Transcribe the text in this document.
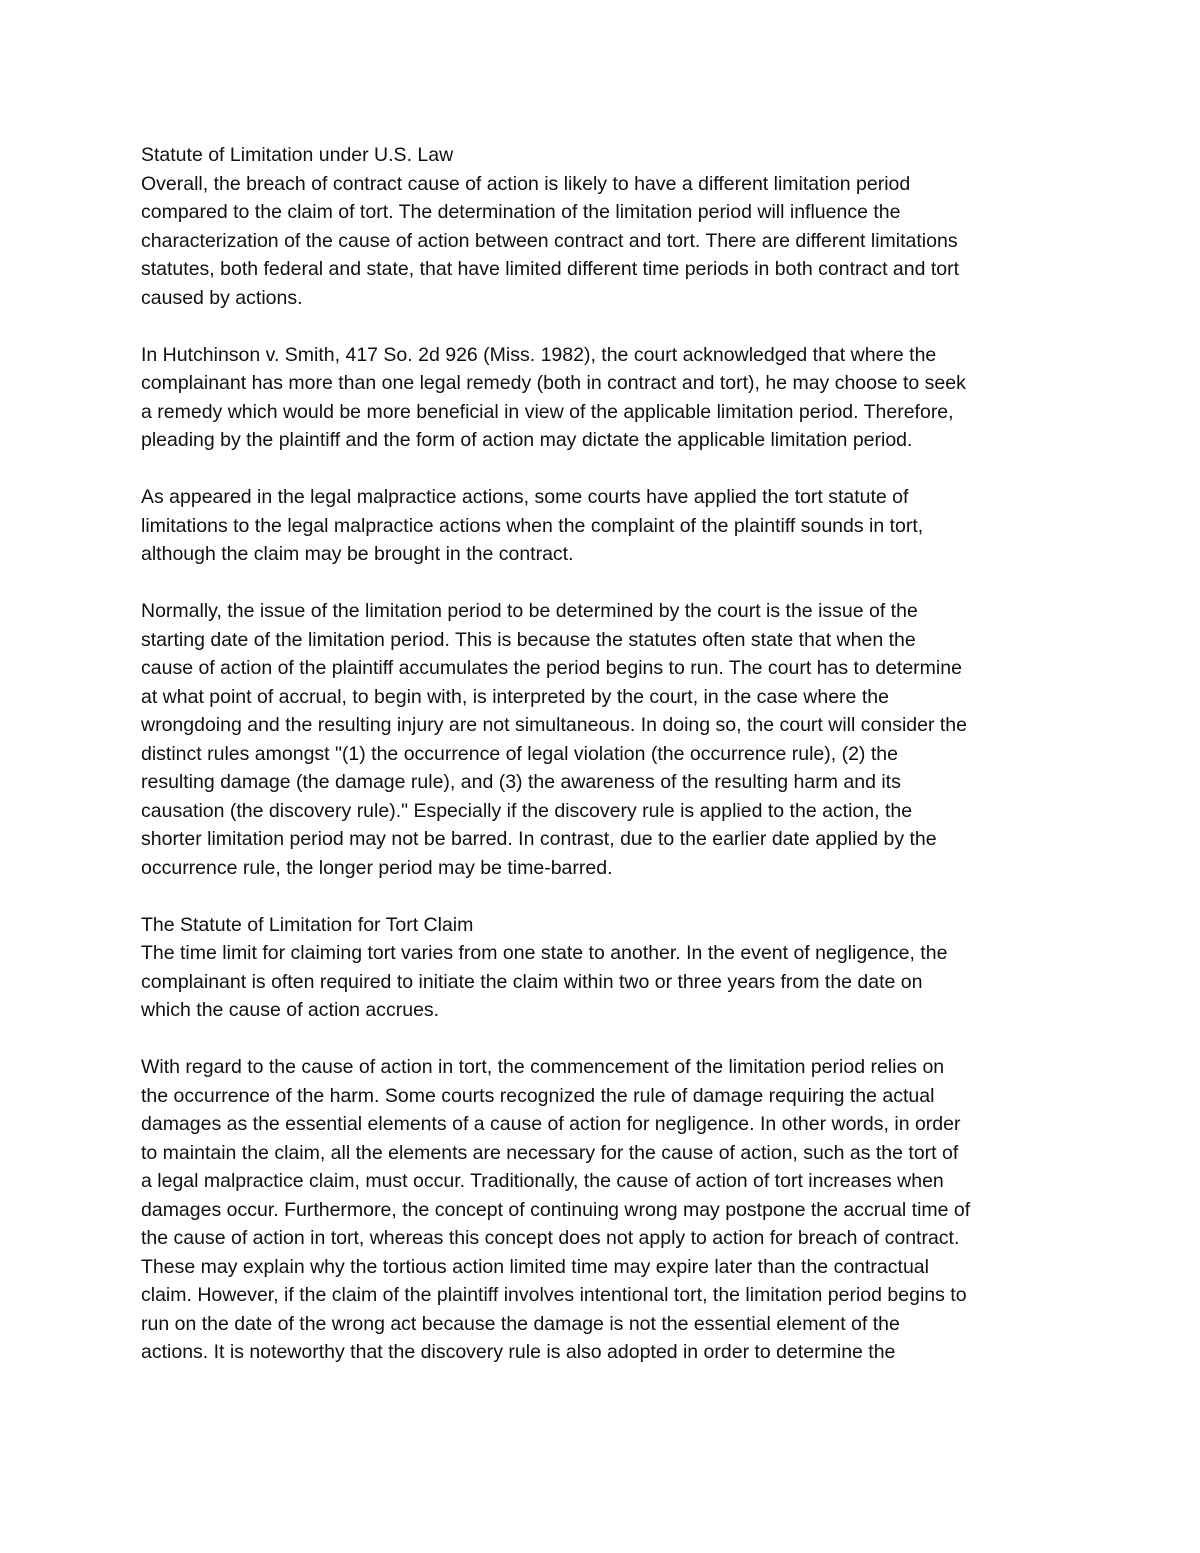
Statute of Limitation under U.S. Law
Overall, the breach of contract cause of action is likely to have a different limitation period
compared to the claim of tort. The determination of the limitation period will influence the
characterization of the cause of action between contract and tort. There are different limitations
statutes, both federal and state, that have limited different time periods in both contract and tort
caused by actions.
In Hutchinson v. Smith, 417 So. 2d 926 (Miss. 1982), the court acknowledged that where the
complainant has more than one legal remedy (both in contract and tort), he may choose to seek
a remedy which would be more beneficial in view of the applicable limitation period. Therefore,
pleading by the plaintiff and the form of action may dictate the applicable limitation period.
As appeared in the legal malpractice actions, some courts have applied the tort statute of
limitations to the legal malpractice actions when the complaint of the plaintiff sounds in tort,
although the claim may be brought in the contract.
Normally, the issue of the limitation period to be determined by the court is the issue of the
starting date of the limitation period. This is because the statutes often state that when the
cause of action of the plaintiff accumulates the period begins to run. The court has to determine
at what point of accrual, to begin with, is interpreted by the court, in the case where the
wrongdoing and the resulting injury are not simultaneous. In doing so, the court will consider the
distinct rules amongst "(1) the occurrence of legal violation (the occurrence rule), (2) the
resulting damage (the damage rule), and (3) the awareness of the resulting harm and its
causation (the discovery rule)." Especially if the discovery rule is applied to the action, the
shorter limitation period may not be barred. In contrast, due to the earlier date applied by the
occurrence rule, the longer period may be time-barred.
The Statute of Limitation for Tort Claim
The time limit for claiming tort varies from one state to another. In the event of negligence, the
complainant is often required to initiate the claim within two or three years from the date on
which the cause of action accrues.
With regard to the cause of action in tort, the commencement of the limitation period relies on
the occurrence of the harm. Some courts recognized the rule of damage requiring the actual
damages as the essential elements of a cause of action for negligence. In other words, in order
to maintain the claim, all the elements are necessary for the cause of action, such as the tort of
a legal malpractice claim, must occur. Traditionally, the cause of action of tort increases when
damages occur. Furthermore, the concept of continuing wrong may postpone the accrual time of
the cause of action in tort, whereas this concept does not apply to action for breach of contract.
These may explain why the tortious action limited time may expire later than the contractual
claim. However, if the claim of the plaintiff involves intentional tort, the limitation period begins to
run on the date of the wrong act because the damage is not the essential element of the
actions. It is noteworthy that the discovery rule is also adopted in order to determine the
